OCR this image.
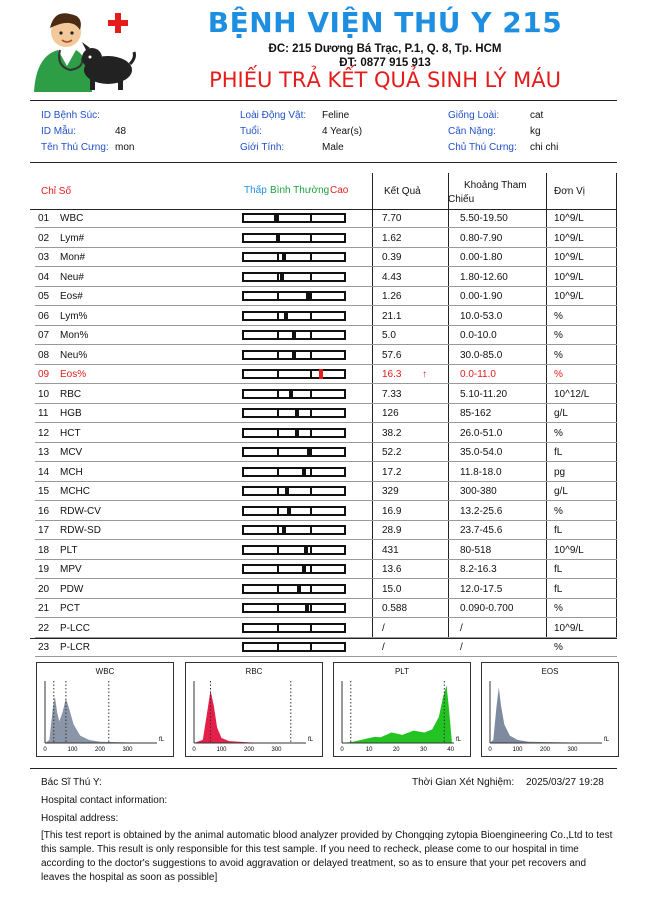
BỆNH VIỆN THÚ Y 215
ĐC: 215 Dương Bá Trạc, P.1, Q. 8, Tp. HCM
ĐT: 0877 915 913
PHIẾU TRẢ KẾT QUẢ SINH LÝ MÁU
ID Bệnh Súc:
ID Mẫu:	48
Tên Thú Cưng: mon
Loài Động Vật: Feline
Tuổi:	4 Year(s)
Giới Tính:	Male
Giống Loài:	cat
Cân Nặng:	kg
Chủ Thú Cưng: chi chi
Chỉ Số	Thấp Bình Thường Cao	Kết Quả
Khoảng Tham
Chiếu
Đơn Vị
01 WBC	7.70	5.50-19.50	10^9/L
02 Lym#	1.62	0.80-7.90	10^9/L
03 Mon#	0.39	0.00-1.80	10^9/L
04 Neu#	4.43	1.80-12.60	10^9/L
05 Eos#	1.26	0.00-1.90	10^9/L
06 Lym%	21.1	10.0-53.0	%
07 Mon%	5.0	0.0-10.0	%
08 Neu%	57.6	30.0-85.0	%
09 Eos%	16.3 ↑	0.0-11.0	%
10 RBC	7.33	5.10-11.20	10^12/L
11 HGB	126	85-162	g/L
12 HCT	38.2	26.0-51.0	%
13 MCV	52.2	35.0-54.0	fL
14 MCH	17.2	11.8-18.0	pg
15 MCHC	329	300-380	g/L
16 RDW-CV	16.9	13.2-25.6	%
17 RDW-SD	28.9	23.7-45.6	fL
18 PLT	431	80-518	10^9/L
19 MPV	13.6	8.2-16.3	fL
20 PDW	15.0	12.0-17.5	fL
21 PCT	0.588	0.090-0.700	%
22 P-LCC	/	/	10^9/L
23 P-LCR	/	/	%
0	100	200	300
fL
WBC
0	100	200	300
fL
RBC
0	10	20	30	40
fL
PLT
0	100	200	300
fL
EOS
Bác Sĩ Thú Y:	Thời Gian Xét Nghiệm: 2025/03/27 19:28
Hospital contact information:
Hospital address:
[This test report is obtained by the animal automatic blood analyzer provided by Chongqing zytopia Bioengineering Co.,Ltd to test this sample. This result is only responsible for this test sample. If you need to recheck, please come to our hospital in time according to the doctor's suggestions to avoid aggravation or delayed treatment, so as to ensure that your pet recovers and leaves the hospital as soon as possible]
